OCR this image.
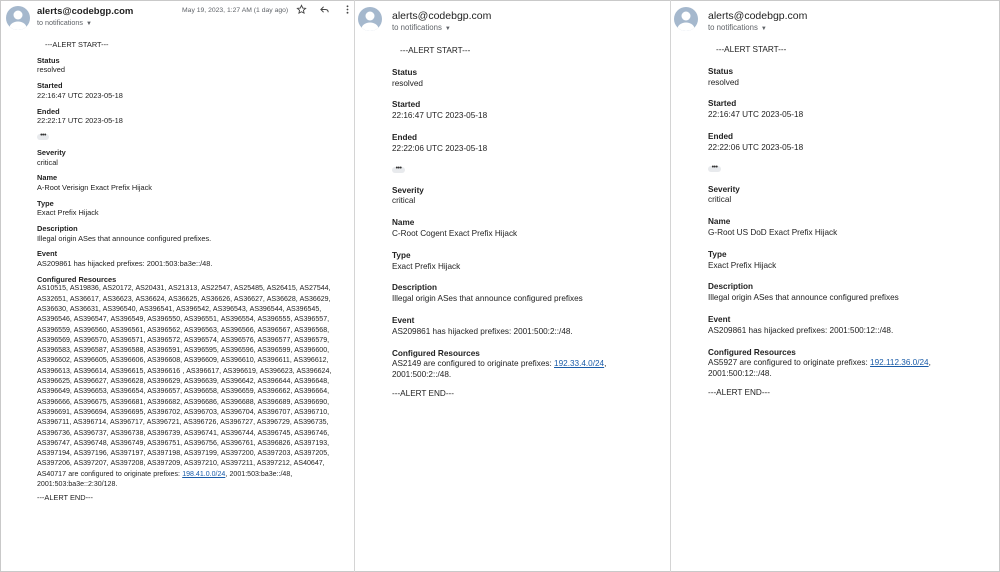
alerts@codebgp.com
to notifications ▼
May 19, 2023, 1:27 AM (1 day ago)
---ALERT START---
Status
resolved
Started
22:16:47 UTC 2023-05-18
Ended
22:22:17 UTC 2023-05-18
•••
Severity
critical
Name
A-Root Verisign Exact Prefix Hijack
Type
Exact Prefix Hijack
Description
Illegal origin ASes that announce configured prefixes.
Event
AS209861 has hijacked prefixes: 2001:503:ba3e::/48.
Configured Resources
AS10515, AS19836, AS20172, AS20431, AS21313, AS22547, AS25485, AS26415, AS27544, AS32651, AS36617, AS36623, AS36624, AS36625, AS36626, AS36627, AS36628, AS36629, AS36630, AS36631, AS396540, AS396541, AS396542, AS396543, AS396544, AS396545, AS396546, AS396547, AS396549, AS396550, AS396551, AS396554, AS396555, AS396557, AS396559, AS396560, AS396561, AS396562, AS396563, AS396566, AS396567, AS396568, AS396569, AS396570, AS396571, AS396572, AS396574, AS396576, AS396577, AS396579, AS396583, AS396587, AS396588, AS396591, AS396595, AS396596, AS396599, AS396600, AS396602, AS396605, AS396606, AS396608, AS396609, AS396610, AS396611, AS396612, AS396613, AS396614, AS396615, AS396616 , AS396617, AS396619, AS396623, AS396624, AS396625, AS396627, AS396628, AS396629, AS396639, AS396642, AS396644, AS396648, AS396649, AS396653, AS396654, AS396657, AS396658, AS396659, AS396662, AS396664, AS396666, AS396675, AS396681, AS396682, AS396686, AS396688, AS396689, AS396690, AS396691, AS396694, AS396695, AS396702, AS396703, AS396704, AS396707, AS396710, AS396711, AS396714, AS396717, AS396721, AS396726, AS396727, AS396729, AS396735, AS396736, AS396737, AS396738, AS396739, AS396741, AS396744, AS396745, AS396746, AS396747, AS396748, AS396749, AS396751, AS396756, AS396761, AS396826, AS397193, AS397194, AS397196, AS397197, AS397198, AS397199, AS397200, AS397203, AS397205, AS397206, AS397207, AS397208, AS397209, AS397210, AS397211, AS397212, AS40647, AS40717 are configured to originate prefixes: 198.41.0.0/24, 2001:503:ba3e::/48, 2001:503:ba3e::2:30/128.
---ALERT END---
alerts@codebgp.com
to notifications ▼
---ALERT START---
Status
resolved
Started
22:16:47 UTC 2023-05-18
Ended
22:22:06 UTC 2023-05-18
•••
Severity
critical
Name
C-Root Cogent Exact Prefix Hijack
Type
Exact Prefix Hijack
Description
Illegal origin ASes that announce configured prefixes
Event
AS209861 has hijacked prefixes: 2001:500:2::/48.
Configured Resources
AS2149 are configured to originate prefixes: 192.33.4.0/24, 2001:500:2::/48.
---ALERT END---
alerts@codebgp.com
to notifications ▼
---ALERT START---
Status
resolved
Started
22:16:47 UTC 2023-05-18
Ended
22:22:06 UTC 2023-05-18
•••
Severity
critical
Name
G-Root US DoD Exact Prefix Hijack
Type
Exact Prefix Hijack
Description
Illegal origin ASes that announce configured prefixes
Event
AS209861 has hijacked prefixes: 2001:500:12::/48.
Configured Resources
AS5927 are configured to originate prefixes: 192.112.36.0/24, 2001:500:12::/48.
---ALERT END---
